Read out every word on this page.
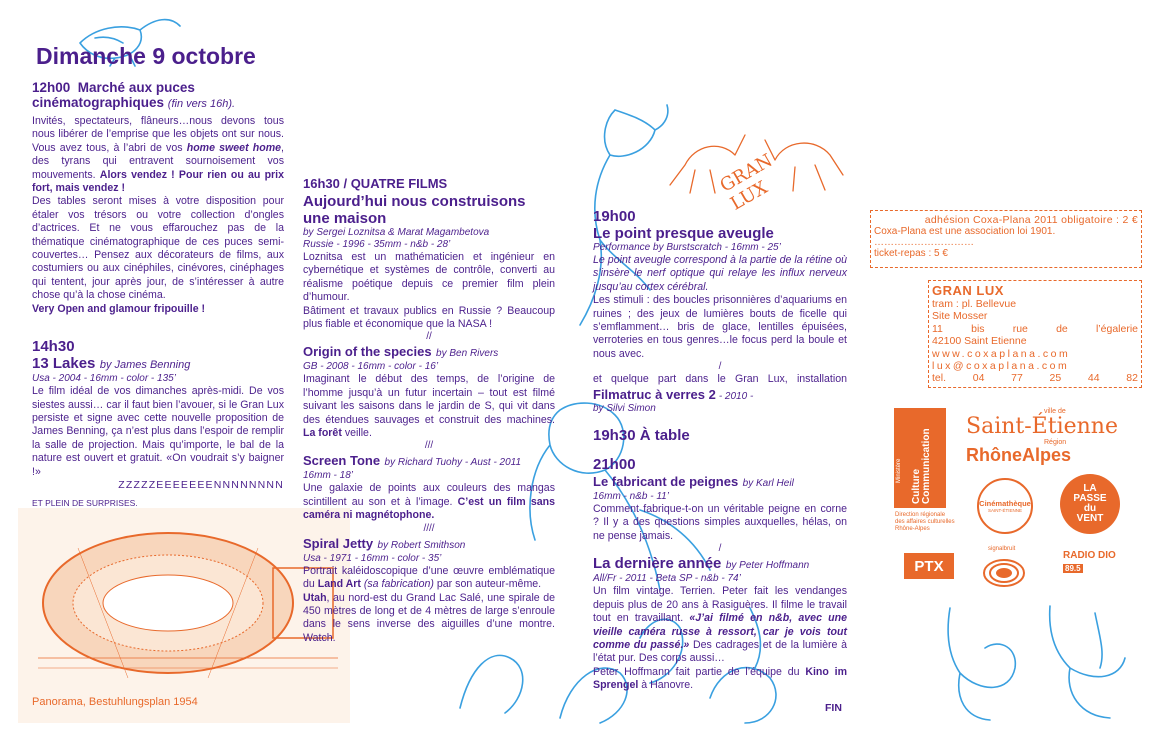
GRAN LUX
Dimanche 9 octobre
12h00 Marché aux puces cinématographiques (fin vers 16h).

Invités, spectateurs, flâneurs…nous devons tous nous libérer de l’emprise que les objets ont sur nous. Vous avez tous, à l’abri de vos home sweet home, des tyrans qui entravent sournoisement vos mouvements. Alors vendez ! Pour rien ou au prix fort, mais vendez !

Des tables seront mises à votre disposition pour étaler vos trésors ou votre collection d’ongles d’actrices. Et ne vous effarouchez pas de la thématique cinématographique de ces puces semi-couvertes… Pensez aux décorateurs de films, aux costumiers ou aux cinéphiles, cinévores, cinéphages qui tentent, jour après jour, de s’intéresser à autre chose qu’à la chose cinéma.

Very Open and glamour fripouille !

14h30
13 Lakes by James Benning
Usa - 2004 - 16mm - color - 135’

Le film idéal de vos dimanches après-midi. De vos siestes aussi… car il faut bien l’avouer, si le Gran Lux persiste et signe avec cette nouvelle proposition de James Benning, ça n’est plus dans l’espoir de remplir la salle de projection. Mais qu’importe, le bal de la nature est ouvert et gratuit. «On voudrait s’y baigner !»

ZZZZZEEEEEEENNNNNNNN
ET PLEIN DE SURPRISES.
Panorama, Bestuhlungsplan 1954
16h30 / QUATRE FILMS
Aujourd’hui nous construisons une maison
by Sergei Loznitsa & Marat Magambetova
Russie - 1996 - 35mm - n&b - 28’

Loznitsa est un mathématicien et ingénieur en cybernétique et systèmes de contrôle, converti au réalisme poétique depuis ce premier film plein d’humour.

Bâtiment et travaux publics en Russie ? Beaucoup plus fiable et économique que la NASA !

//
Origin of the species by Ben Rivers
GB - 2008 - 16mm - color - 16’

Imaginant le début des temps, de l’origine de l’homme jusqu’à un futur incertain – tout est filmé suivant les saisons dans le jardin de S, qui vit dans des étendues sauvages et construit des machines. La forêt veille.

///
Screen Tone by Richard Tuohy - Aust - 2011
16mm - 18’

Une galaxie de points aux couleurs des mangas scintillent au son et à l’image. C’est un film sans caméra ni magnétophone.

////
Spiral Jetty by Robert Smithson
Usa - 1971 - 16mm - color - 35’

Portrait kaléidoscopique d’une œuvre emblématique du Land Art (sa fabrication) par son auteur-même.

Utah, au nord-est du Grand Lac Salé, une spirale de 450 mètres de long et de 4 mètres de large s’enroule dans le sens inverse des aiguilles d’une montre. Watch.

19h00
Le point presque aveugle
Performance by Burstscratch - 16mm - 25’

Le point aveugle correspond à la partie de la rétine où s’insère le nerf optique qui relaye les influx nerveux jusqu’au cortex cérébral.

Les stimuli : des boucles prisonnières d’aquariums en ruines ; des jeux de lumières bouts de ficelle qui s’emflamment… bris de glace, lentilles épuisées, verroteries en tous genres…le focus perd la boule et nous avec.

/

et quelque part dans le Gran Lux, installation Filmatruc à verres 2 - 2010 -

by Silvi Simon
19h30 À table
21h00
Le fabricant de peignes by Karl Heil
16mm - n&b - 11’

Comment fabrique-t-on un véritable peigne en corne ? Il y a des questions simples auxquelles, hélas, on ne pense jamais.

/
La dernière année by Peter Hoffmann
All/Fr - 2011 - Beta SP - n&b - 74’

Un film vintage. Terrien. Peter fait les vendanges depuis plus de 20 ans à Rasiguères. Il filme le travail tout en travaillant. «J’ai filmé en n&b, avec une vieille caméra russe à ressort, car je vois tout comme du passé.» Des cadrages et de la lumière à l’état pur. Des corps aussi…

Peter Hoffmann fait partie de l’équipe du Kino im Sprengel à Hanovre.

FIN
adhésion Coxa-Plana 2011 obligatoire : 2 €
Coxa-Plana est une association loi 1901.
…………………………
ticket-repas : 5 €
GRAN LUX
tram : pl. Bellevue
Site Mosser
11 bis rue de l’égalerie
42100 Saint Etienne
www.coxaplana.com
lux@coxaplana.com
tel. 04 77 25 44 82
Ministère Culture Communication
Direction régionale des affaires culturelles Rhône-Alpes
ville de
Saint-Étienne
Région
RhôneAlpes
Cinémathèque
SAINT-ÉTIENNE
LA PASSE du VENT
PTX
signalbruit
RADIO DIO
89.5
